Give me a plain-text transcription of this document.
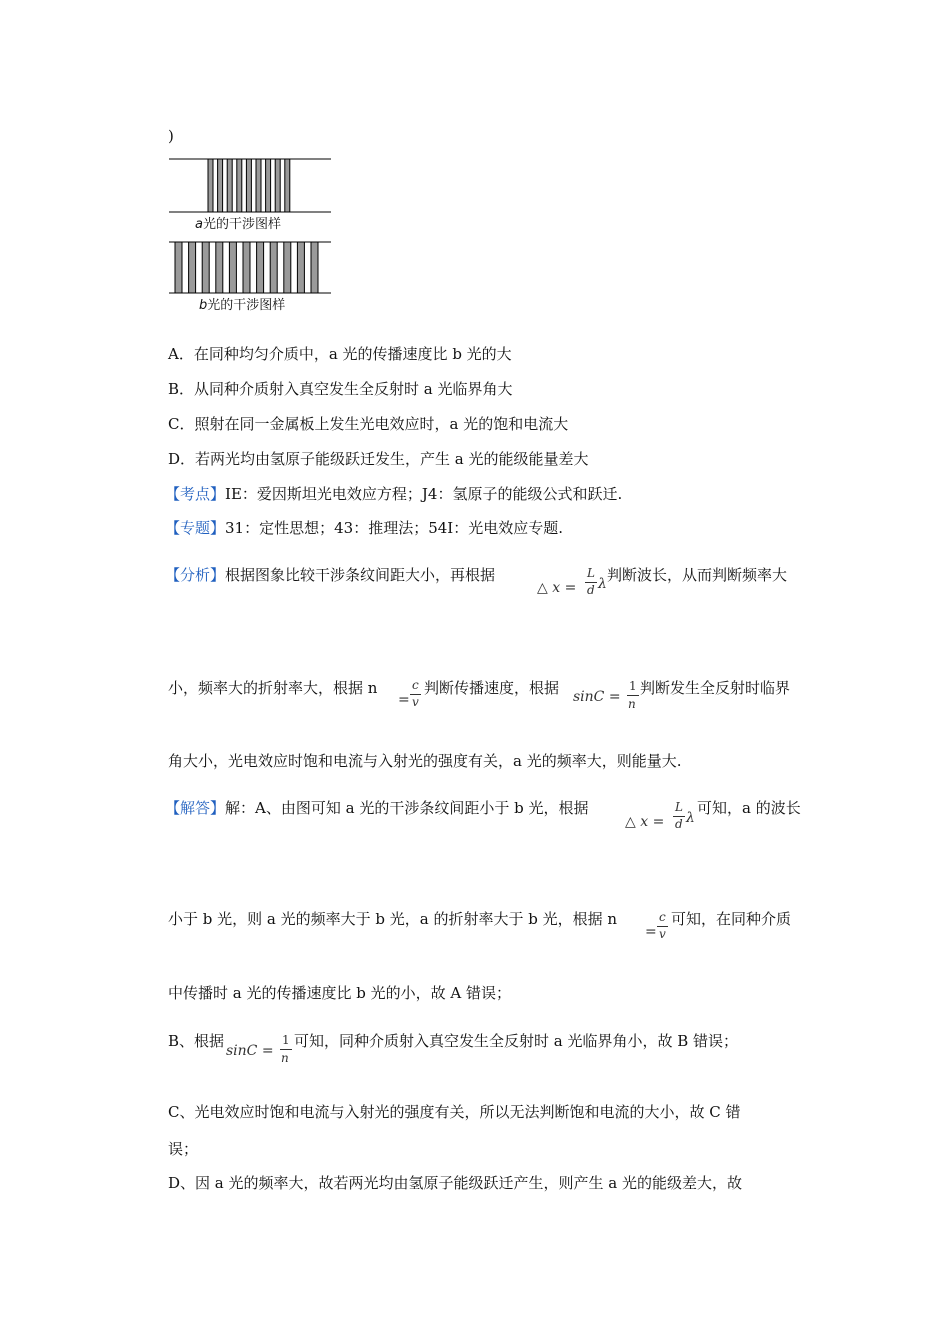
)
a光的干涉图样
b光的干涉图样
A．在同种均匀介质中，a 光的传播速度比 b 光的大
B．从同种介质射入真空发生全反射时 a 光临界角大
C．照射在同一金属板上发生光电效应时，a 光的饱和电流大
D．若两光均由氢原子能级跃迁发生，产生 a 光的能级能量差大
【考点】IE：爱因斯坦光电效应方程；J4：氢原子的能级公式和跃迁.
【专题】31：定性思想；43：推理法；54I：光电效应专题.
【分析】根据图象比较干涉条纹间距大小，再根据
△ x =
L
d λ 判断波长，从而判断频率大
小，频率大的折射率大，根据 n
=
c
v
判断传播速度，根据 sinC =
1
n
判断发生全反射时临界
角大小，光电效应时饱和电流与入射光的强度有关，a 光的频率大，则能量大.
【解答】解：A、由图可知 a 光的干涉条纹间距小于 b 光，根据
△ x =
L
d λ
可知，a 的波长
小于 b 光，则 a 光的频率大于 b 光，a 的折射率大于 b 光，根据 n
=
c
v
可知，在同种介质
中传播时 a 光的传播速度比 b 光的小，故 A 错误；
B、根据
sinC =
1
n
可知，同种介质射入真空发生全反射时 a 光临界角小，故 B 错误；
C、光电效应时饱和电流与入射光的强度有关，所以无法判断饱和电流的大小，故 C 错
误；
D、因 a 光的频率大，故若两光均由氢原子能级跃迁产生，则产生 a 光的能级差大，故
